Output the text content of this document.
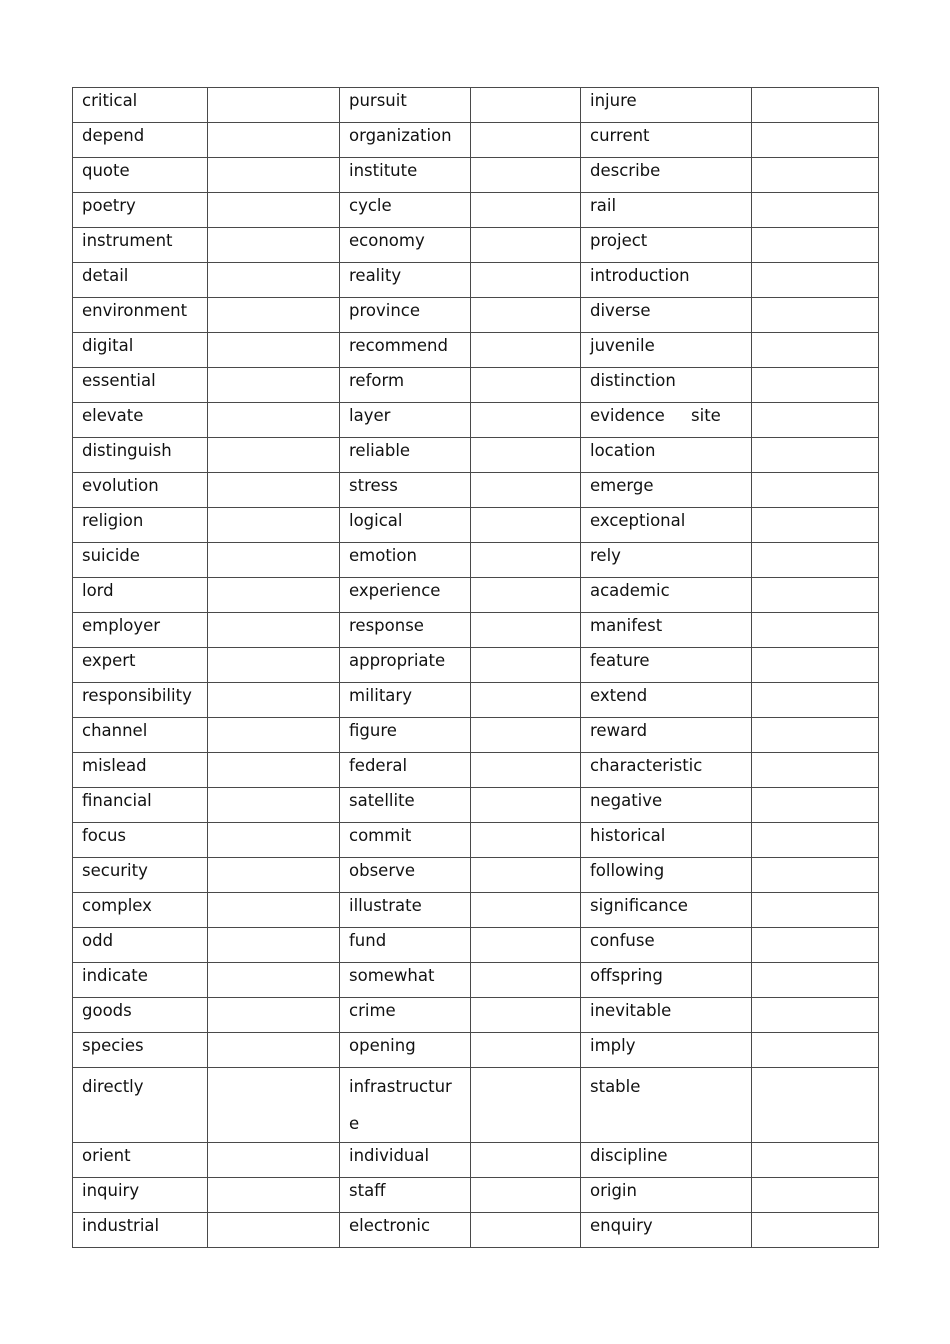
critical		pursuit		injure	
depend		organization		current	
quote		institute		describe	
poetry		cycle		rail	
instrument		economy		project	
detail		reality		introduction	
environment		province		diverse	
digital		recommend		juvenile	
essential		reform		distinction	
elevate		layer		evidence     site	
distinguish		reliable		location	
evolution		stress		emerge	
religion		logical		exceptional	
suicide		emotion		rely	
lord		experience		academic	
employer		response		manifest	
expert		appropriate		feature	
responsibility		military		extend	
channel		figure		reward	
mislead		federal		characteristic	
financial		satellite		negative	
focus		commit		historical	
security		observe		following	
complex		illustrate		significance	
odd		fund		confuse	
indicate		somewhat		offspring	
goods		crime		inevitable	
species		opening		imply	
directly		infrastructure		stable	
orient		individual		discipline	
inquiry		staff		origin	
industrial		electronic		enquiry	
